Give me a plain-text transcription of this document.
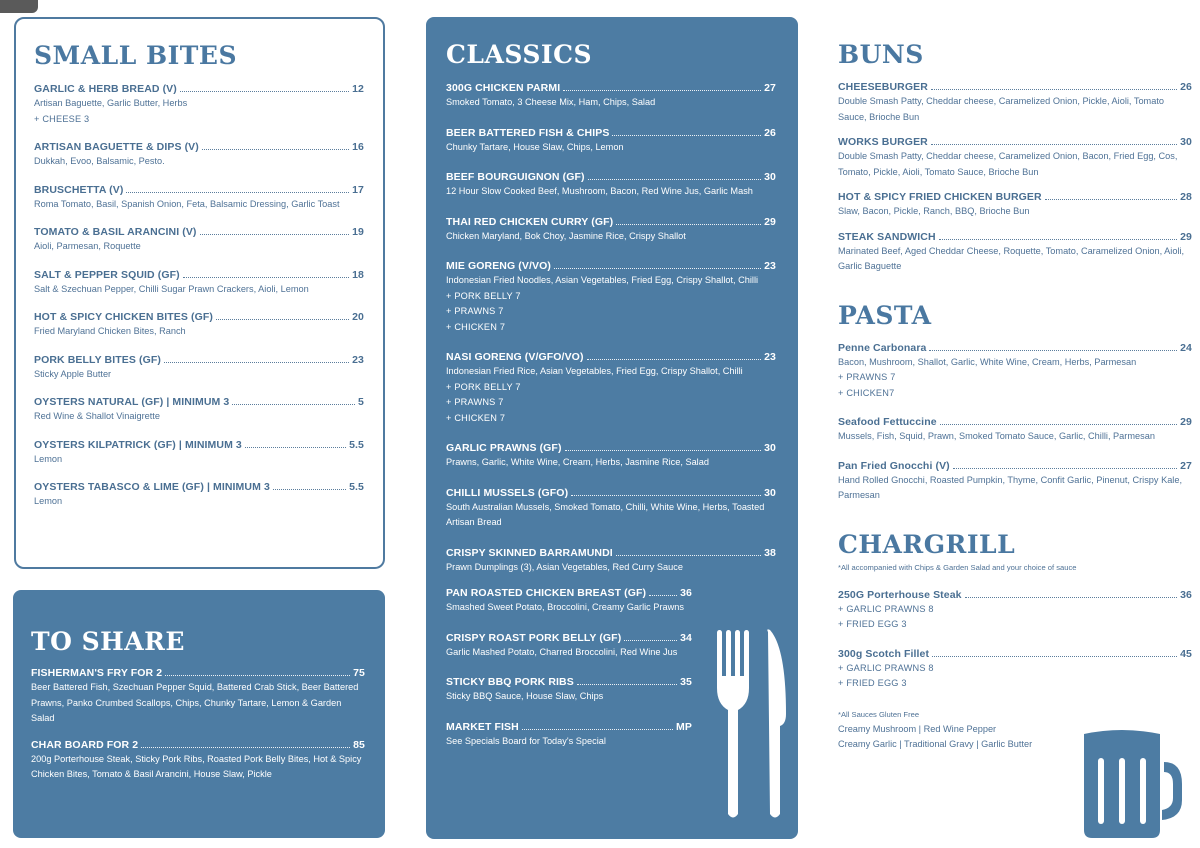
SMALL BITES
GARLIC & HERB BREAD (V)	12
Artisan Baguette, Garlic Butter, Herbs
+ CHEESE 3
ARTISAN BAGUETTE & DIPS (V)	16
Dukkah, Evoo, Balsamic, Pesto.
BRUSCHETTA (V)	17
Roma Tomato, Basil, Spanish Onion, Feta, Balsamic Dressing, Garlic Toast
TOMATO & BASIL ARANCINI (V)	19
Aioli, Parmesan, Roquette
SALT & PEPPER SQUID (GF)	18
Salt & Szechuan Pepper, Chilli Sugar Prawn Crackers, Aioli, Lemon
HOT & SPICY CHICKEN BITES (GF)	20
Fried Maryland Chicken Bites, Ranch
PORK BELLY BITES (GF)	23
Sticky Apple Butter
OYSTERS NATURAL (GF) | MINIMUM 3	5
Red Wine & Shallot Vinaigrette
OYSTERS KILPATRICK (GF) | MINIMUM 3	5.5
Lemon
OYSTERS TABASCO & LIME (GF) | MINIMUM 3	5.5
Lemon
TO SHARE
FISHERMAN'S FRY FOR 2	75
Beer Battered Fish, Szechuan Pepper Squid, Battered Crab Stick, Beer Battered Prawns, Panko Crumbed Scallops, Chips, Chunky Tartare, Lemon & Garden Salad
CHAR BOARD FOR 2	85
200g Porterhouse Steak, Sticky Pork Ribs, Roasted Pork Belly Bites, Hot & Spicy Chicken Bites, Tomato & Basil Arancini, House Slaw, Pickle
CLASSICS
300G CHICKEN PARMI	27
Smoked Tomato, 3 Cheese Mix, Ham, Chips, Salad
BEER BATTERED FISH & CHIPS	26
Chunky Tartare, House Slaw, Chips, Lemon
BEEF BOURGUIGNON (GF)	30
12 Hour Slow Cooked Beef, Mushroom, Bacon, Red Wine Jus, Garlic Mash
THAI RED CHICKEN CURRY (GF)	29
Chicken Maryland, Bok Choy, Jasmine Rice, Crispy Shallot
MIE GORENG (V/VO)	23
Indonesian Fried Noodles, Asian Vegetables, Fried Egg, Crispy Shallot, Chilli
+ PORK BELLY 7
+ PRAWNS 7
+ CHICKEN 7
NASI GORENG (V/GFO/VO)	23
Indonesian Fried Rice, Asian Vegetables, Fried Egg, Crispy Shallot, Chilli
+ PORK BELLY 7
+ PRAWNS 7
+ CHICKEN 7
GARLIC PRAWNS (GF)	30
Prawns, Garlic, White Wine, Cream, Herbs, Jasmine Rice, Salad
CHILLI MUSSELS (GFO)	30
South Australian Mussels, Smoked Tomato, Chilli, White Wine, Herbs, Toasted Artisan Bread
CRISPY SKINNED BARRAMUNDI	38
Prawn Dumplings (3), Asian Vegetables, Red Curry Sauce
PAN ROASTED CHICKEN BREAST (GF)	36
Smashed Sweet Potato, Broccolini, Creamy Garlic Prawns
CRISPY ROAST PORK BELLY (GF)	34
Garlic Mashed Potato, Charred Broccolini, Red Wine Jus
STICKY BBQ PORK RIBS	35
Sticky BBQ Sauce, House Slaw, Chips
MARKET FISH	MP
See Specials Board for Today's Special
BUNS
CHEESEBURGER	26
Double Smash Patty, Cheddar cheese, Caramelized Onion, Pickle, Aioli, Tomato Sauce, Brioche Bun
WORKS BURGER	30
Double Smash Patty, Cheddar cheese, Caramelized Onion, Bacon, Fried Egg, Cos, Tomato, Pickle, Aioli, Tomato Sauce, Brioche Bun
HOT & SPICY FRIED CHICKEN BURGER	28
Slaw, Bacon, Pickle, Ranch, BBQ, Brioche Bun
STEAK SANDWICH	29
Marinated Beef, Aged Cheddar Cheese, Roquette, Tomato, Caramelized Onion, Aioli, Garlic Baguette
PASTA
Penne Carbonara	24
Bacon, Mushroom, Shallot, Garlic, White Wine, Cream, Herbs, Parmesan
+ PRAWNS 7
+ CHICKEN7
Seafood Fettuccine	29
Mussels, Fish, Squid, Prawn, Smoked Tomato Sauce, Garlic, Chilli, Parmesan
Pan Fried Gnocchi (V)	27
Hand Rolled Gnocchi, Roasted Pumpkin, Thyme, Confit Garlic, Pinenut, Crispy Kale, Parmesan
CHARGRILL
*All accompanied with Chips & Garden Salad and your choice of sauce
250G Porterhouse Steak	36
+ GARLIC PRAWNS 8
+ FRIED EGG 3
300g Scotch Fillet	45
+ GARLIC PRAWNS 8
+ FRIED EGG 3
*All Sauces Gluten Free
Creamy Mushroom | Red Wine Pepper
Creamy Garlic | Traditional Gravy | Garlic Butter
